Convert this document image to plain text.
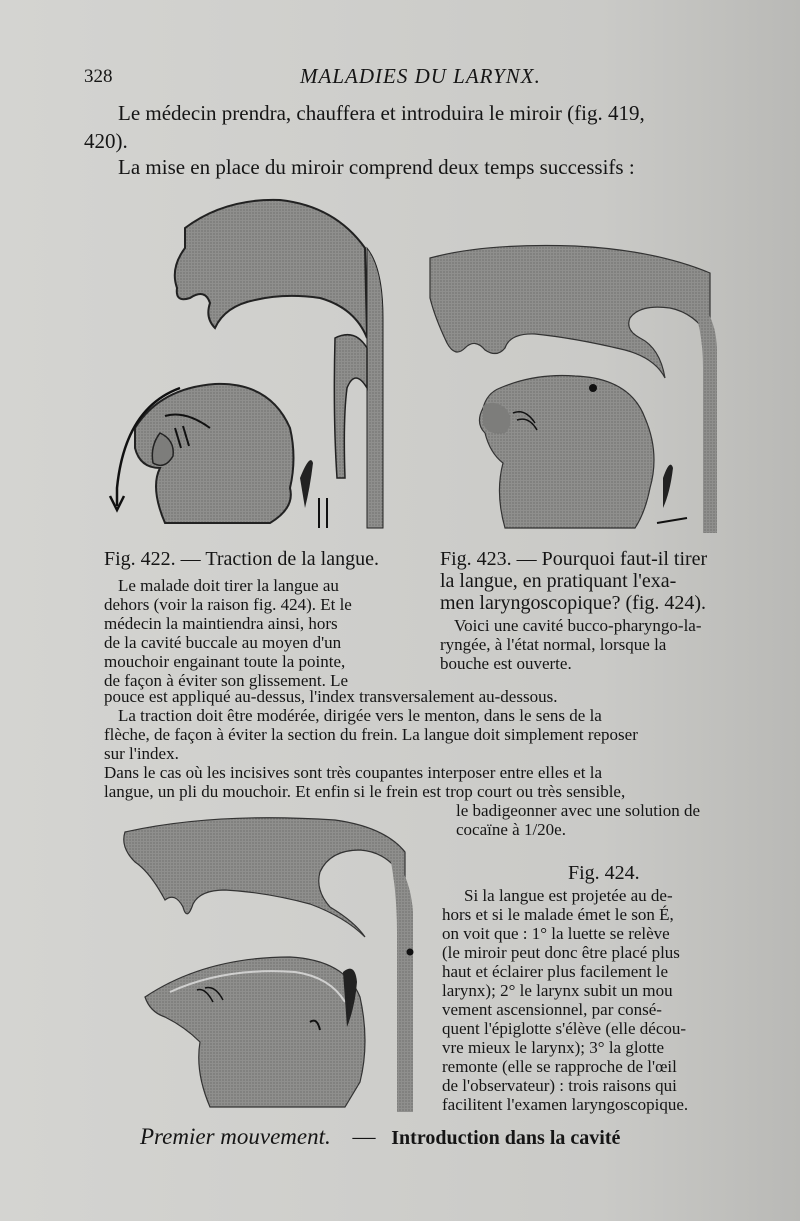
328	MALADIES DU LARYNX.
Le médecin prendra, chauffera et introduira le miroir (fig. 419,
420).
La mise en place du miroir comprend deux temps successifs :
Fig. 422. — Traction de la langue.
Le malade doit tirer la langue au
dehors (voir la raison fig. 424). Et le
médecin la maintiendra ainsi, hors
de la cavité buccale au moyen d'un
mouchoir engainant toute la pointe,
de façon à éviter son glissement. Le
Fig. 423. — Pourquoi faut-il tirer
la langue, en pratiquant l'exa-
men laryngoscopique? (fig. 424).
Voici une cavité bucco-pharyngo-la-
ryngée, à l'état normal, lorsque la
bouche est ouverte.
pouce est appliqué au-dessus, l'index transversalement au-dessous.
La traction doit être modérée, dirigée vers le menton, dans le sens de la
flèche, de façon à éviter la section du frein. La langue doit simplement reposer
sur l'index.
Dans le cas où les incisives sont très coupantes interposer entre elles et la
langue, un pli du mouchoir. Et enfin si le frein est trop court ou très sensible,
le badigeonner avec une solution de
cocaïne à 1/20e.
Fig. 424.
Si la langue est projetée au de-
hors et si le malade émet le son É,
on voit que : 1° la luette se relève
(le miroir peut donc être placé plus
haut et éclairer plus facilement le
larynx); 2° le larynx subit un mou
vement ascensionnel, par consé-
quent l'épiglotte s'élève (elle décou-
vre mieux le larynx); 3° la glotte
remonte (elle se rapproche de l'œil
de l'observateur) : trois raisons qui
facilitent l'examen laryngoscopique.
Premier mouvement. — Introduction dans la cavité
